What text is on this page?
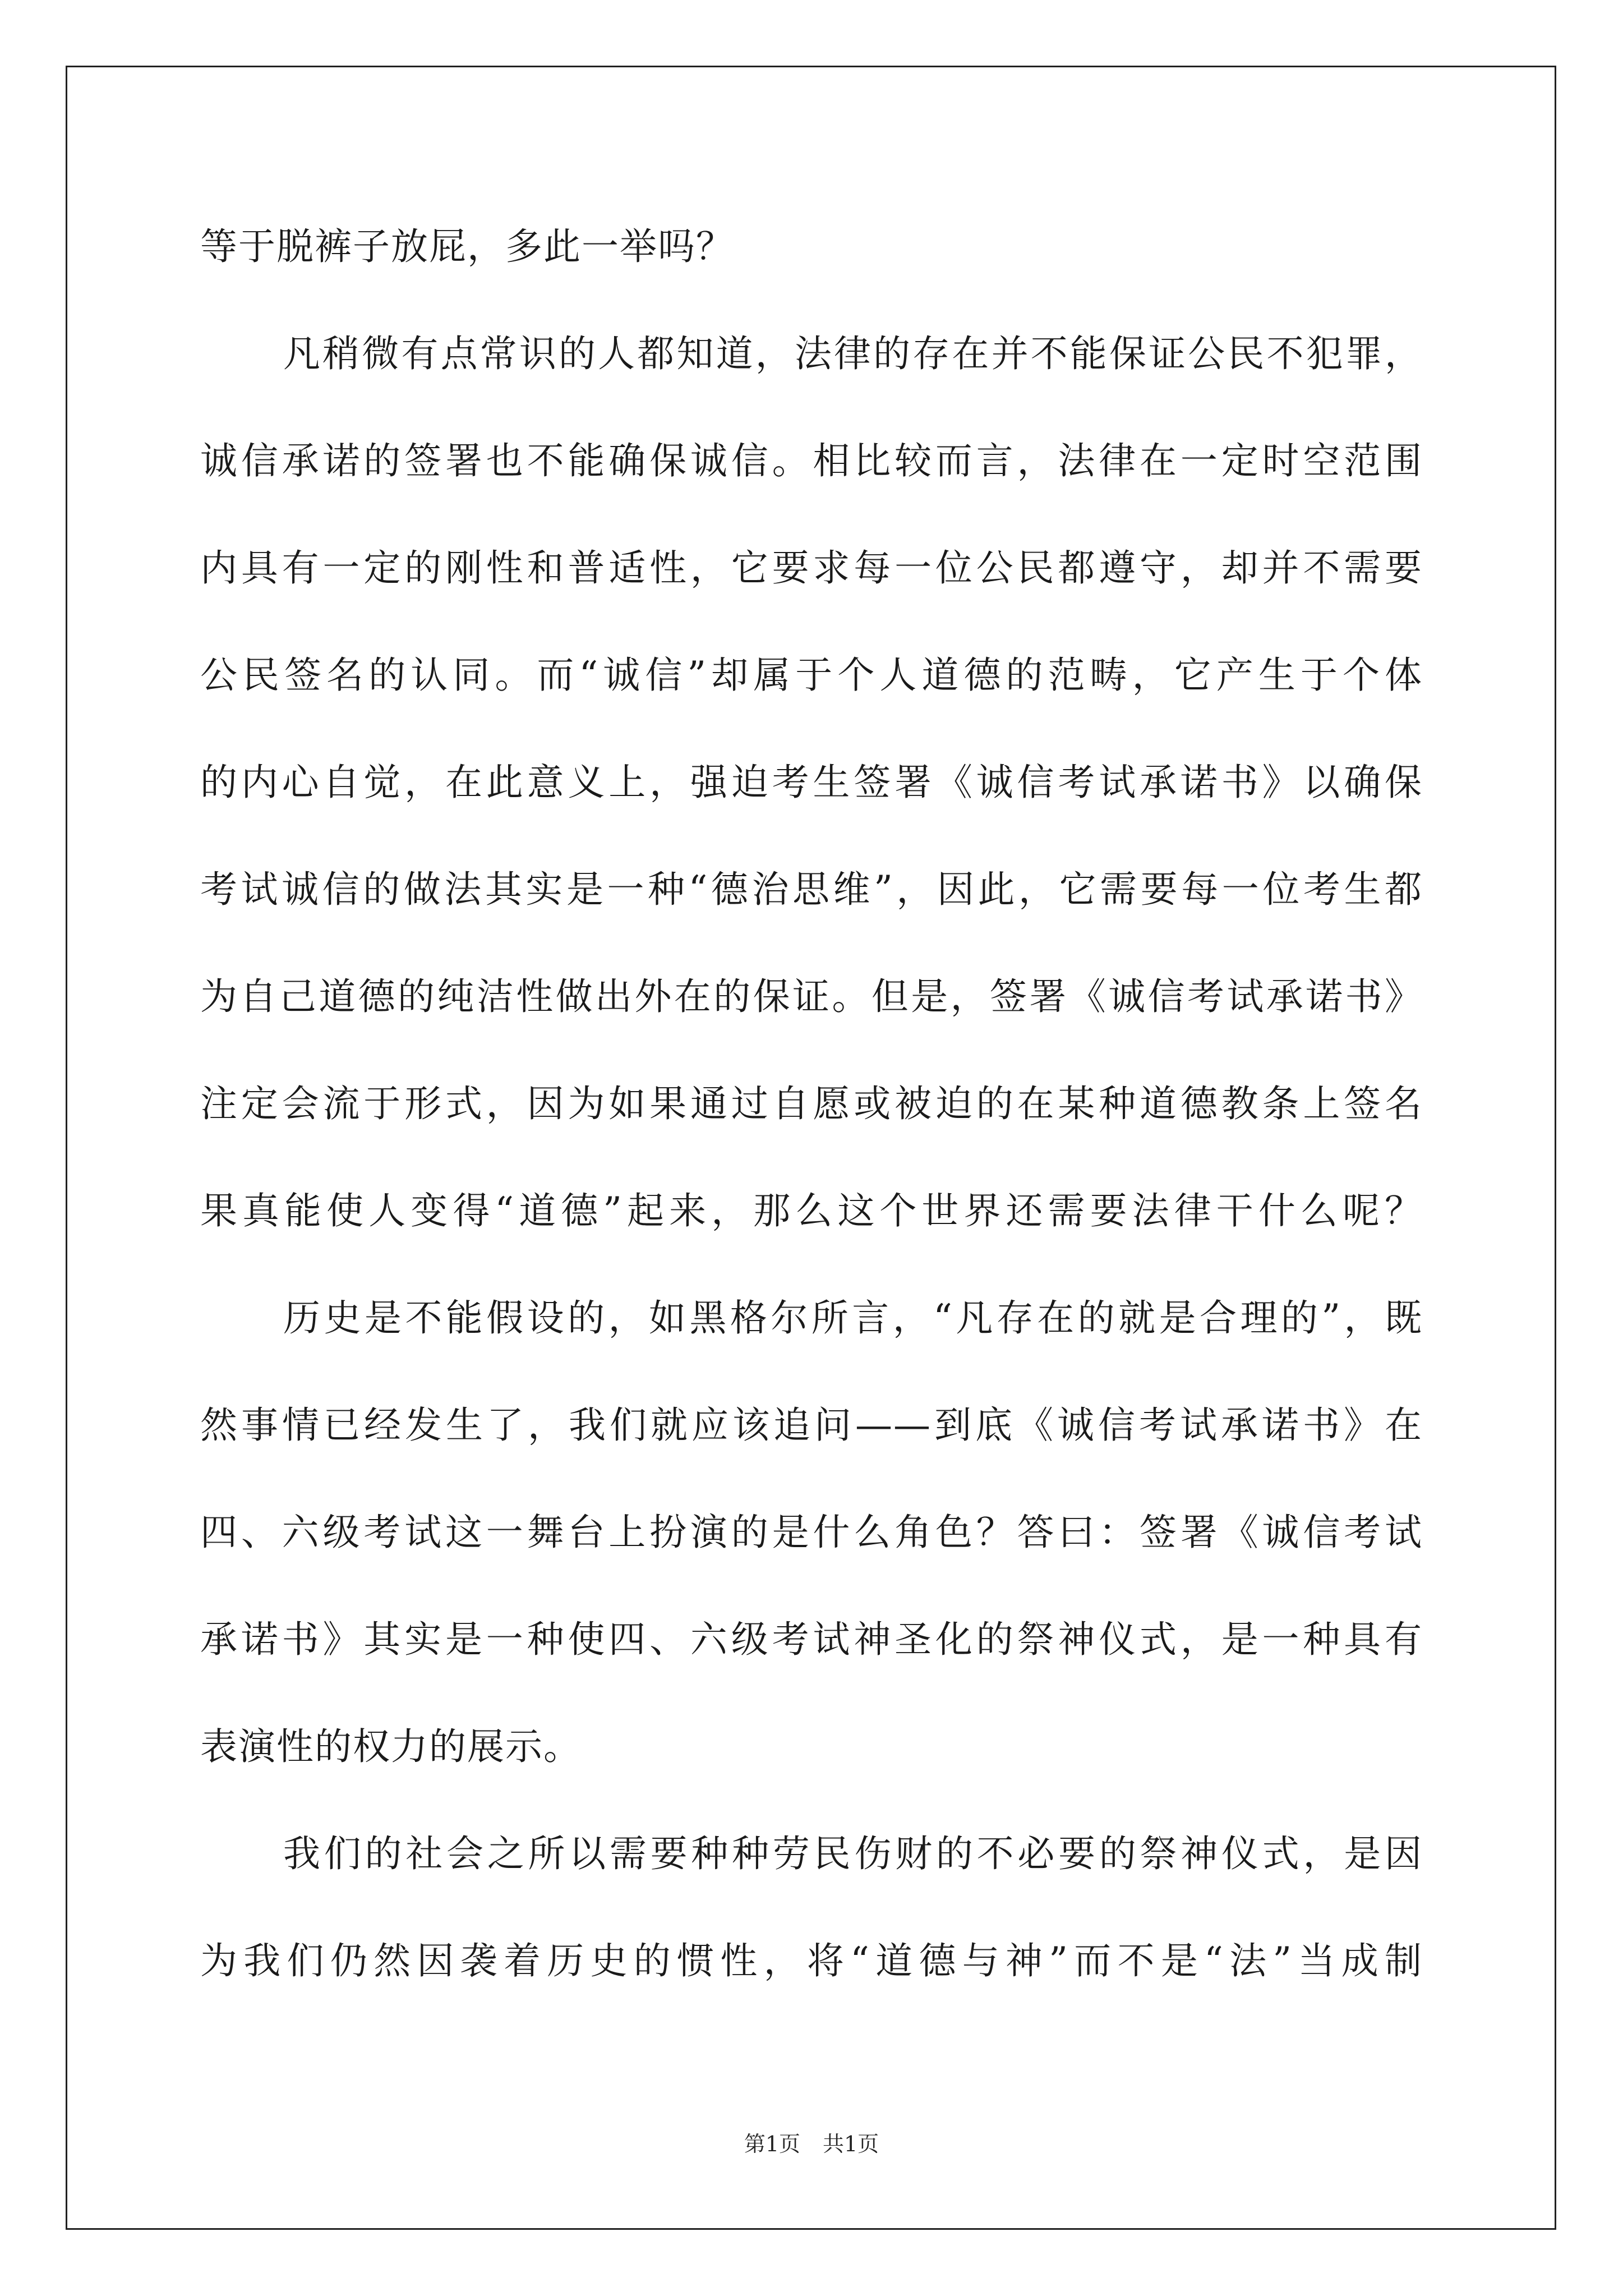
等于脱裤子放屁，多此一举吗？
凡稍微有点常识的人都知道，法律的存在并不能保证公民不犯罪，
诚信承诺的签署也不能确保诚信。相比较而言，法律在一定时空范围
内具有一定的刚性和普适性，它要求每一位公民都遵守，却并不需要
公民签名的认同。而“诚信”却属于个人道德的范畴，它产生于个体
的内心自觉，在此意义上，强迫考生签署《诚信考试承诺书》以确保
考试诚信的做法其实是一种“德治思维”，因此，它需要每一位考生都
为自己道德的纯洁性做出外在的保证。但是，签署《诚信考试承诺书》
注定会流于形式，因为如果通过自愿或被迫的在某种道德教条上签名
果真能使人变得“道德”起来，那么这个世界还需要法律干什么呢？
历史是不能假设的，如黑格尔所言，“凡存在的就是合理的”，既
然事情已经发生了，我们就应该追问——到底《诚信考试承诺书》在
四、六级考试这一舞台上扮演的是什么角色？答曰：签署《诚信考试
承诺书》其实是一种使四、六级考试神圣化的祭神仪式，是一种具有
表演性的权力的展示。
我们的社会之所以需要种种劳民伤财的不必要的祭神仪式，是因
为我们仍然因袭着历史的惯性，将“道德与神”而不是“法”当成制
第1页 共1页
